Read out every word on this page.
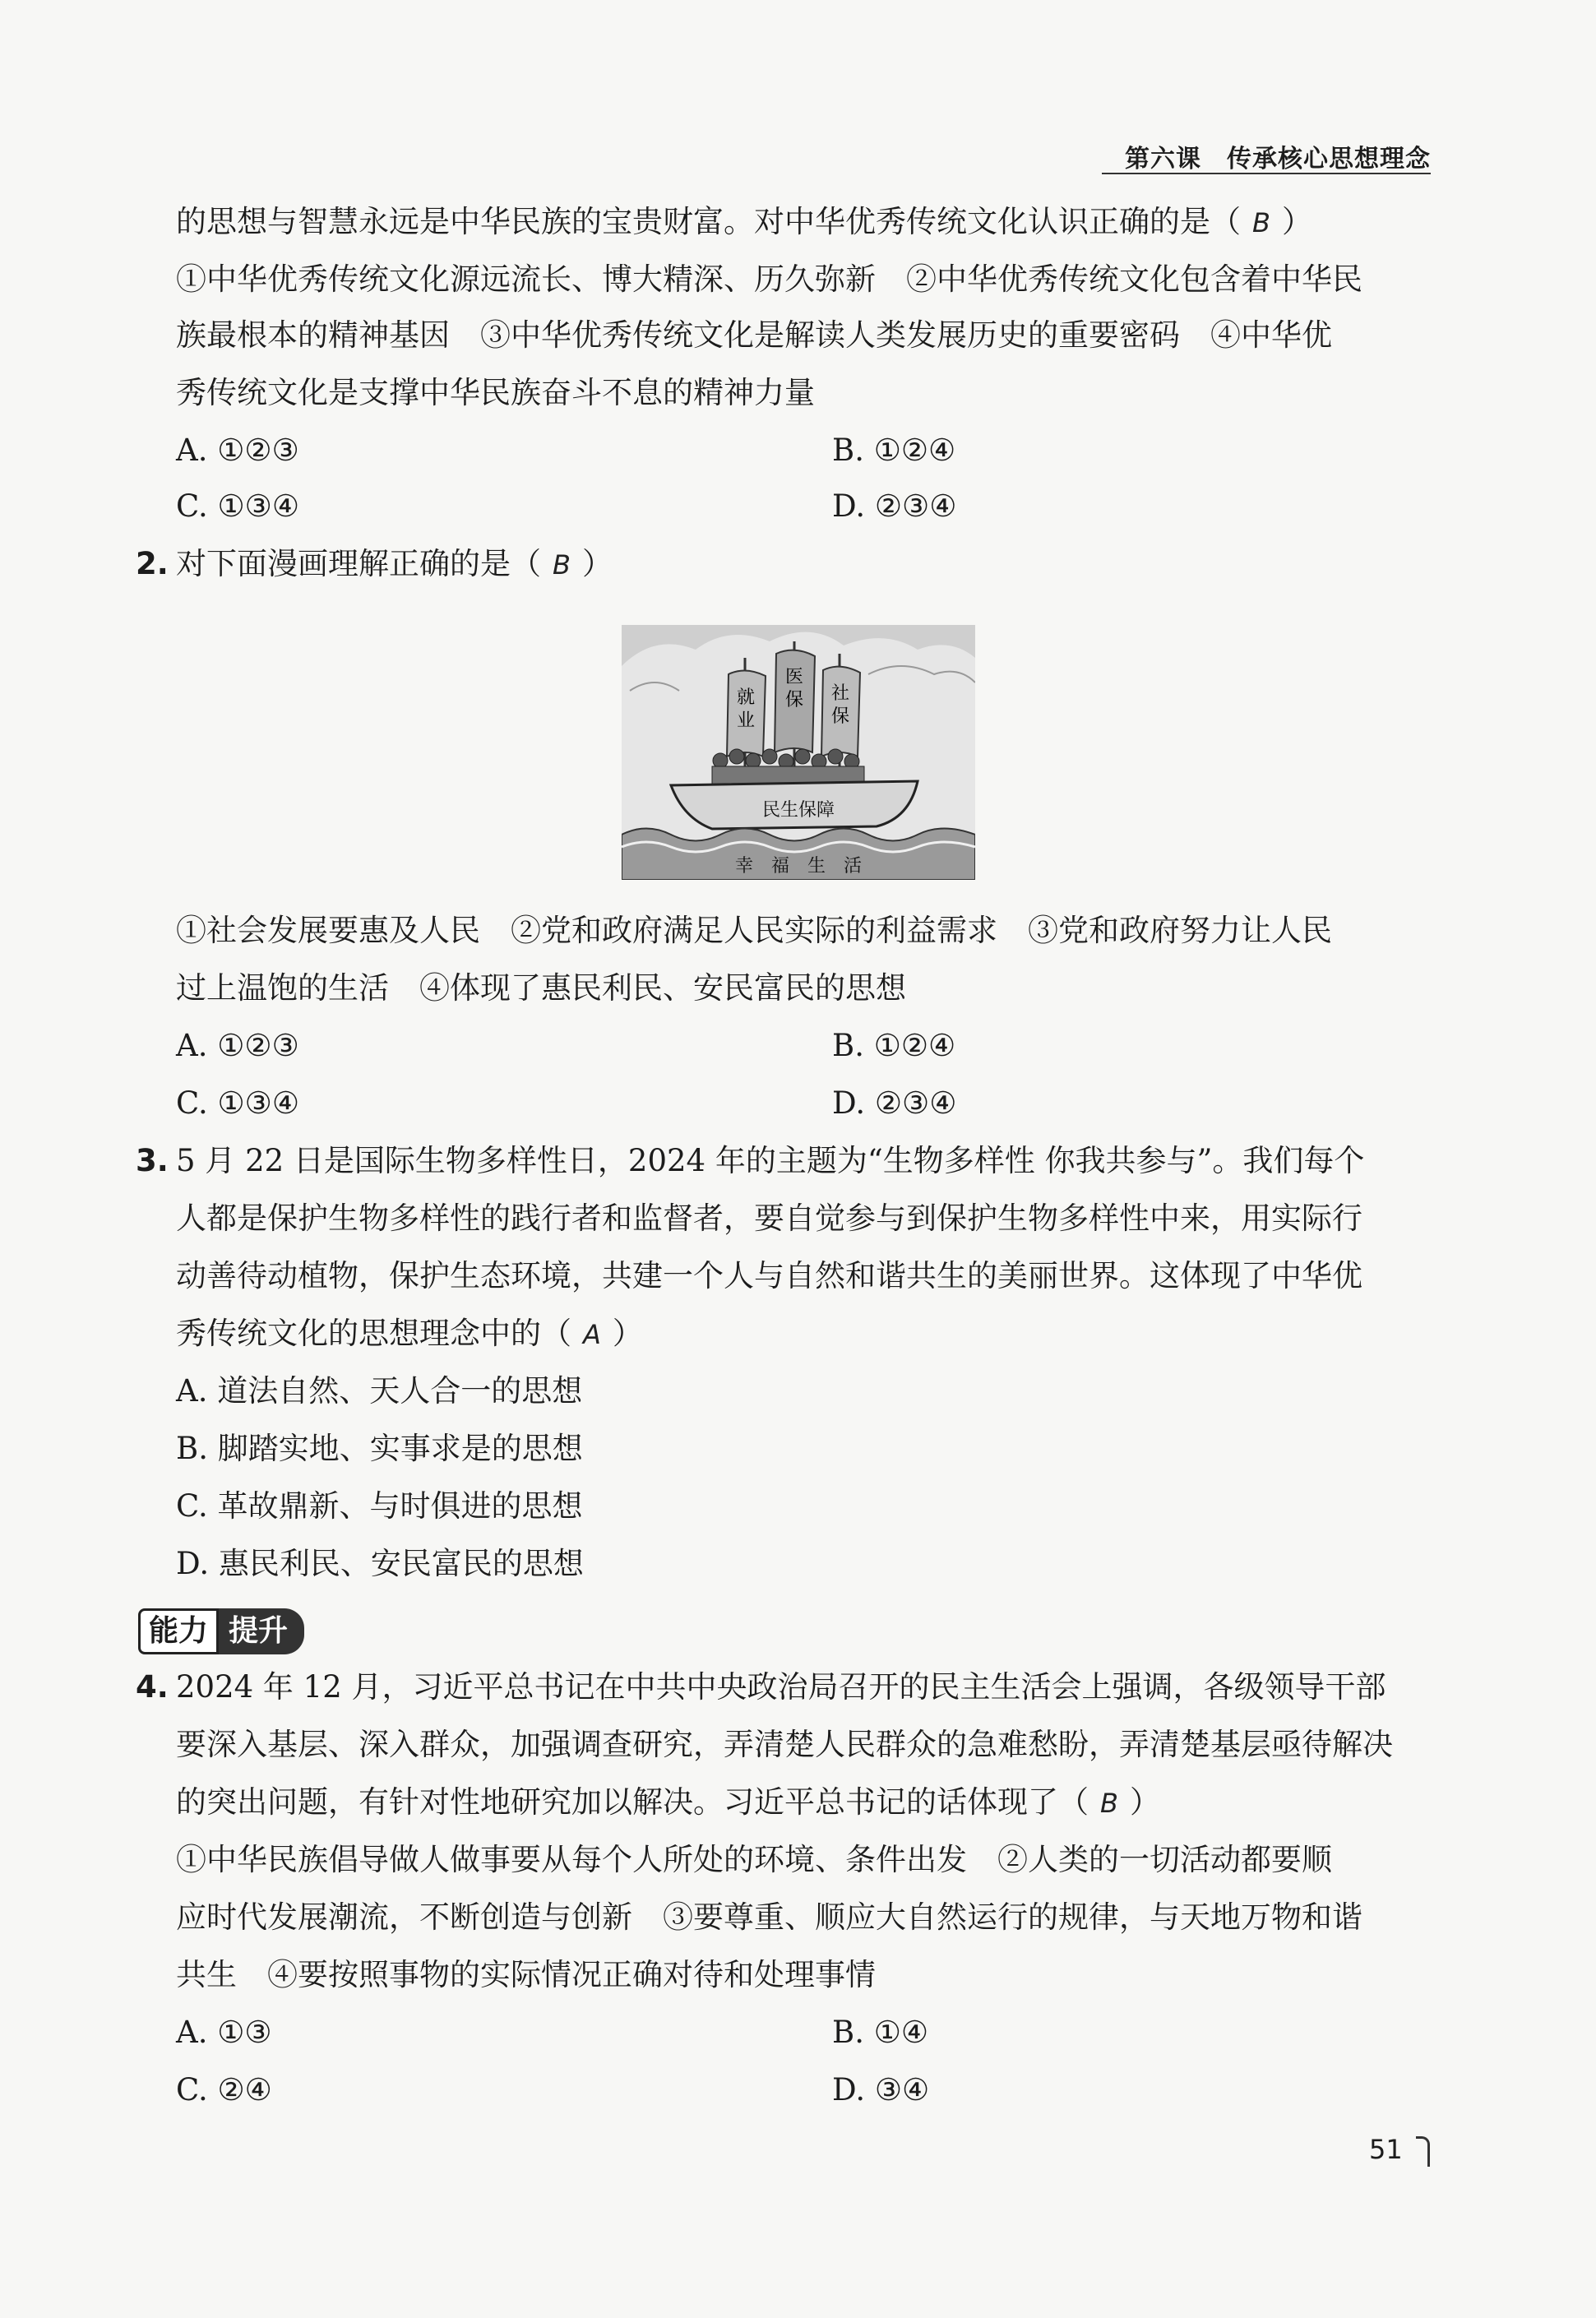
第六课　传承核心思想理念
的思想与智慧永远是中华民族的宝贵财富。对中华优秀传统文化认识正确的是（ B ）
①中华优秀传统文化源远流长、博大精深、历久弥新　②中华优秀传统文化包含着中华民
族最根本的精神基因　③中华优秀传统文化是解读人类发展历史的重要密码　④中华优
秀传统文化是支撑中华民族奋斗不息的精神力量
A. ①②③	B. ①②④
C. ①③④	D. ②③④
2. 对下面漫画理解正确的是（ B ）
就业
医保 社保
民生保障
幸　福　生　活
①社会发展要惠及人民　②党和政府满足人民实际的利益需求　③党和政府努力让人民
过上温饱的生活　④体现了惠民利民、安民富民的思想
A. ①②③	B. ①②④
C. ①③④	D. ②③④
3. 5 月 22 日是国际生物多样性日，2024 年的主题为“生物多样性 你我共参与”。我们每个
人都是保护生物多样性的践行者和监督者，要自觉参与到保护生物多样性中来，用实际行
动善待动植物，保护生态环境，共建一个人与自然和谐共生的美丽世界。这体现了中华优
秀传统文化的思想理念中的（ A ）
A. 道法自然、天人合一的思想
B. 脚踏实地、实事求是的思想
C. 革故鼎新、与时俱进的思想
D. 惠民利民、安民富民的思想
能力 提升
4. 2024 年 12 月，习近平总书记在中共中央政治局召开的民主生活会上强调，各级领导干部
要深入基层、深入群众，加强调查研究，弄清楚人民群众的急难愁盼，弄清楚基层亟待解决
的突出问题，有针对性地研究加以解决。习近平总书记的话体现了（ B ）
①中华民族倡导做人做事要从每个人所处的环境、条件出发　②人类的一切活动都要顺
应时代发展潮流，不断创造与创新　③要尊重、顺应大自然运行的规律，与天地万物和谐
共生　④要按照事物的实际情况正确对待和处理事情
A. ①③	B. ①④
C. ②④	D. ③④
51
